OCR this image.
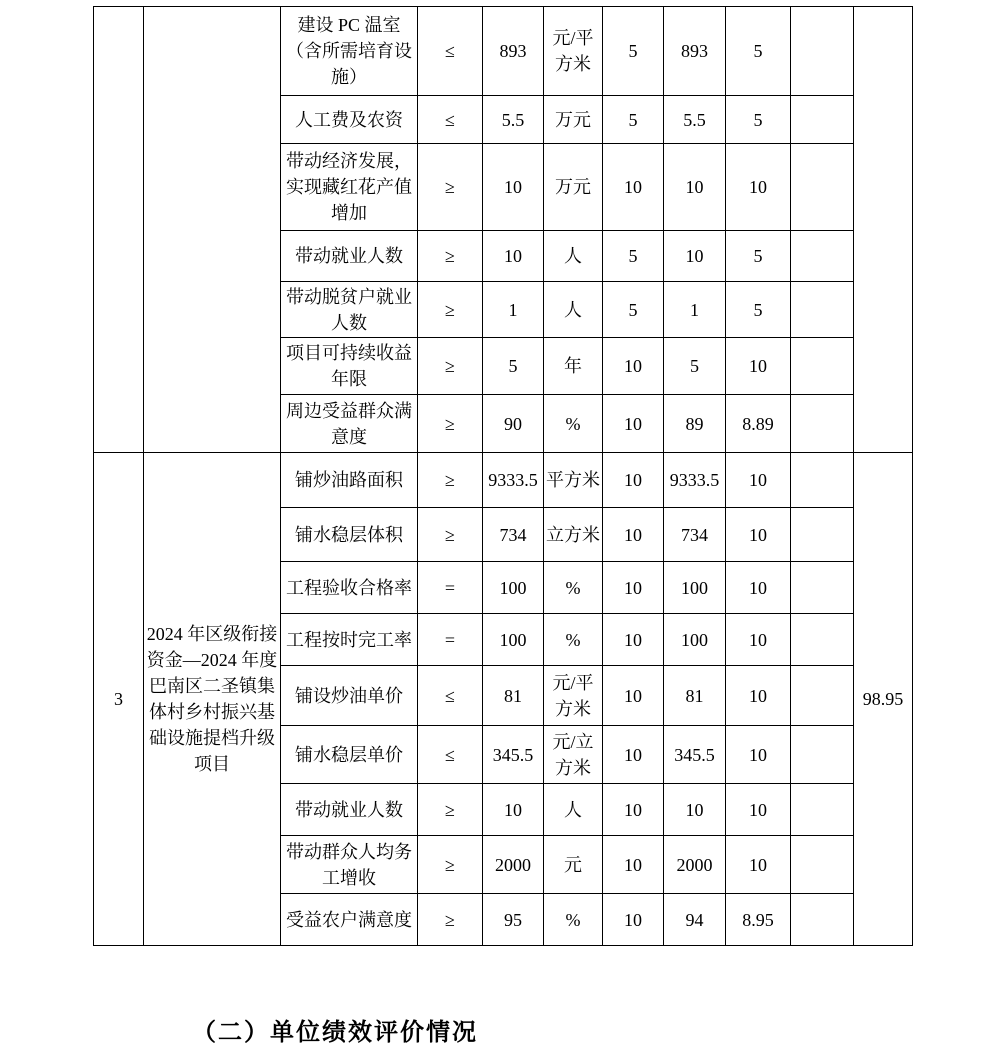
		建设 PC 温室（含所需培育设施）	≤	893	元/平方米	5	893	5		
		人工费及农资	≤	5.5	万元	5	5.5	5		
		带动经济发展，实现藏红花产值增加	≥	10	万元	10	10	10		
		带动就业人数	≥	10	人	5	10	5		
		带动脱贫户就业人数	≥	1	人	5	1	5		
		项目可持续收益年限	≥	5	年	10	5	10		
		周边受益群众满意度	≥	90	%	10	89	8.89		
3	2024 年区级衔接资金—2024 年度巴南区二圣镇集体村乡村振兴基础设施提档升级项目	铺炒油路面积	≥	9333.5	平方米	10	9333.5	10		98.95
		铺水稳层体积	≥	734	立方米	10	734	10		
		工程验收合格率	=	100	%	10	100	10		
		工程按时完工率	=	100	%	10	100	10		
		铺设炒油单价	≤	81	元/平方米	10	81	10		
		铺水稳层单价	≤	345.5	元/立方米	10	345.5	10		
		带动就业人数	≥	10	人	10	10	10		
		带动群众人均务工增收	≥	2000	元	10	2000	10		
		受益农户满意度	≥	95	%	10	94	8.95		
（二）单位绩效评价情况
